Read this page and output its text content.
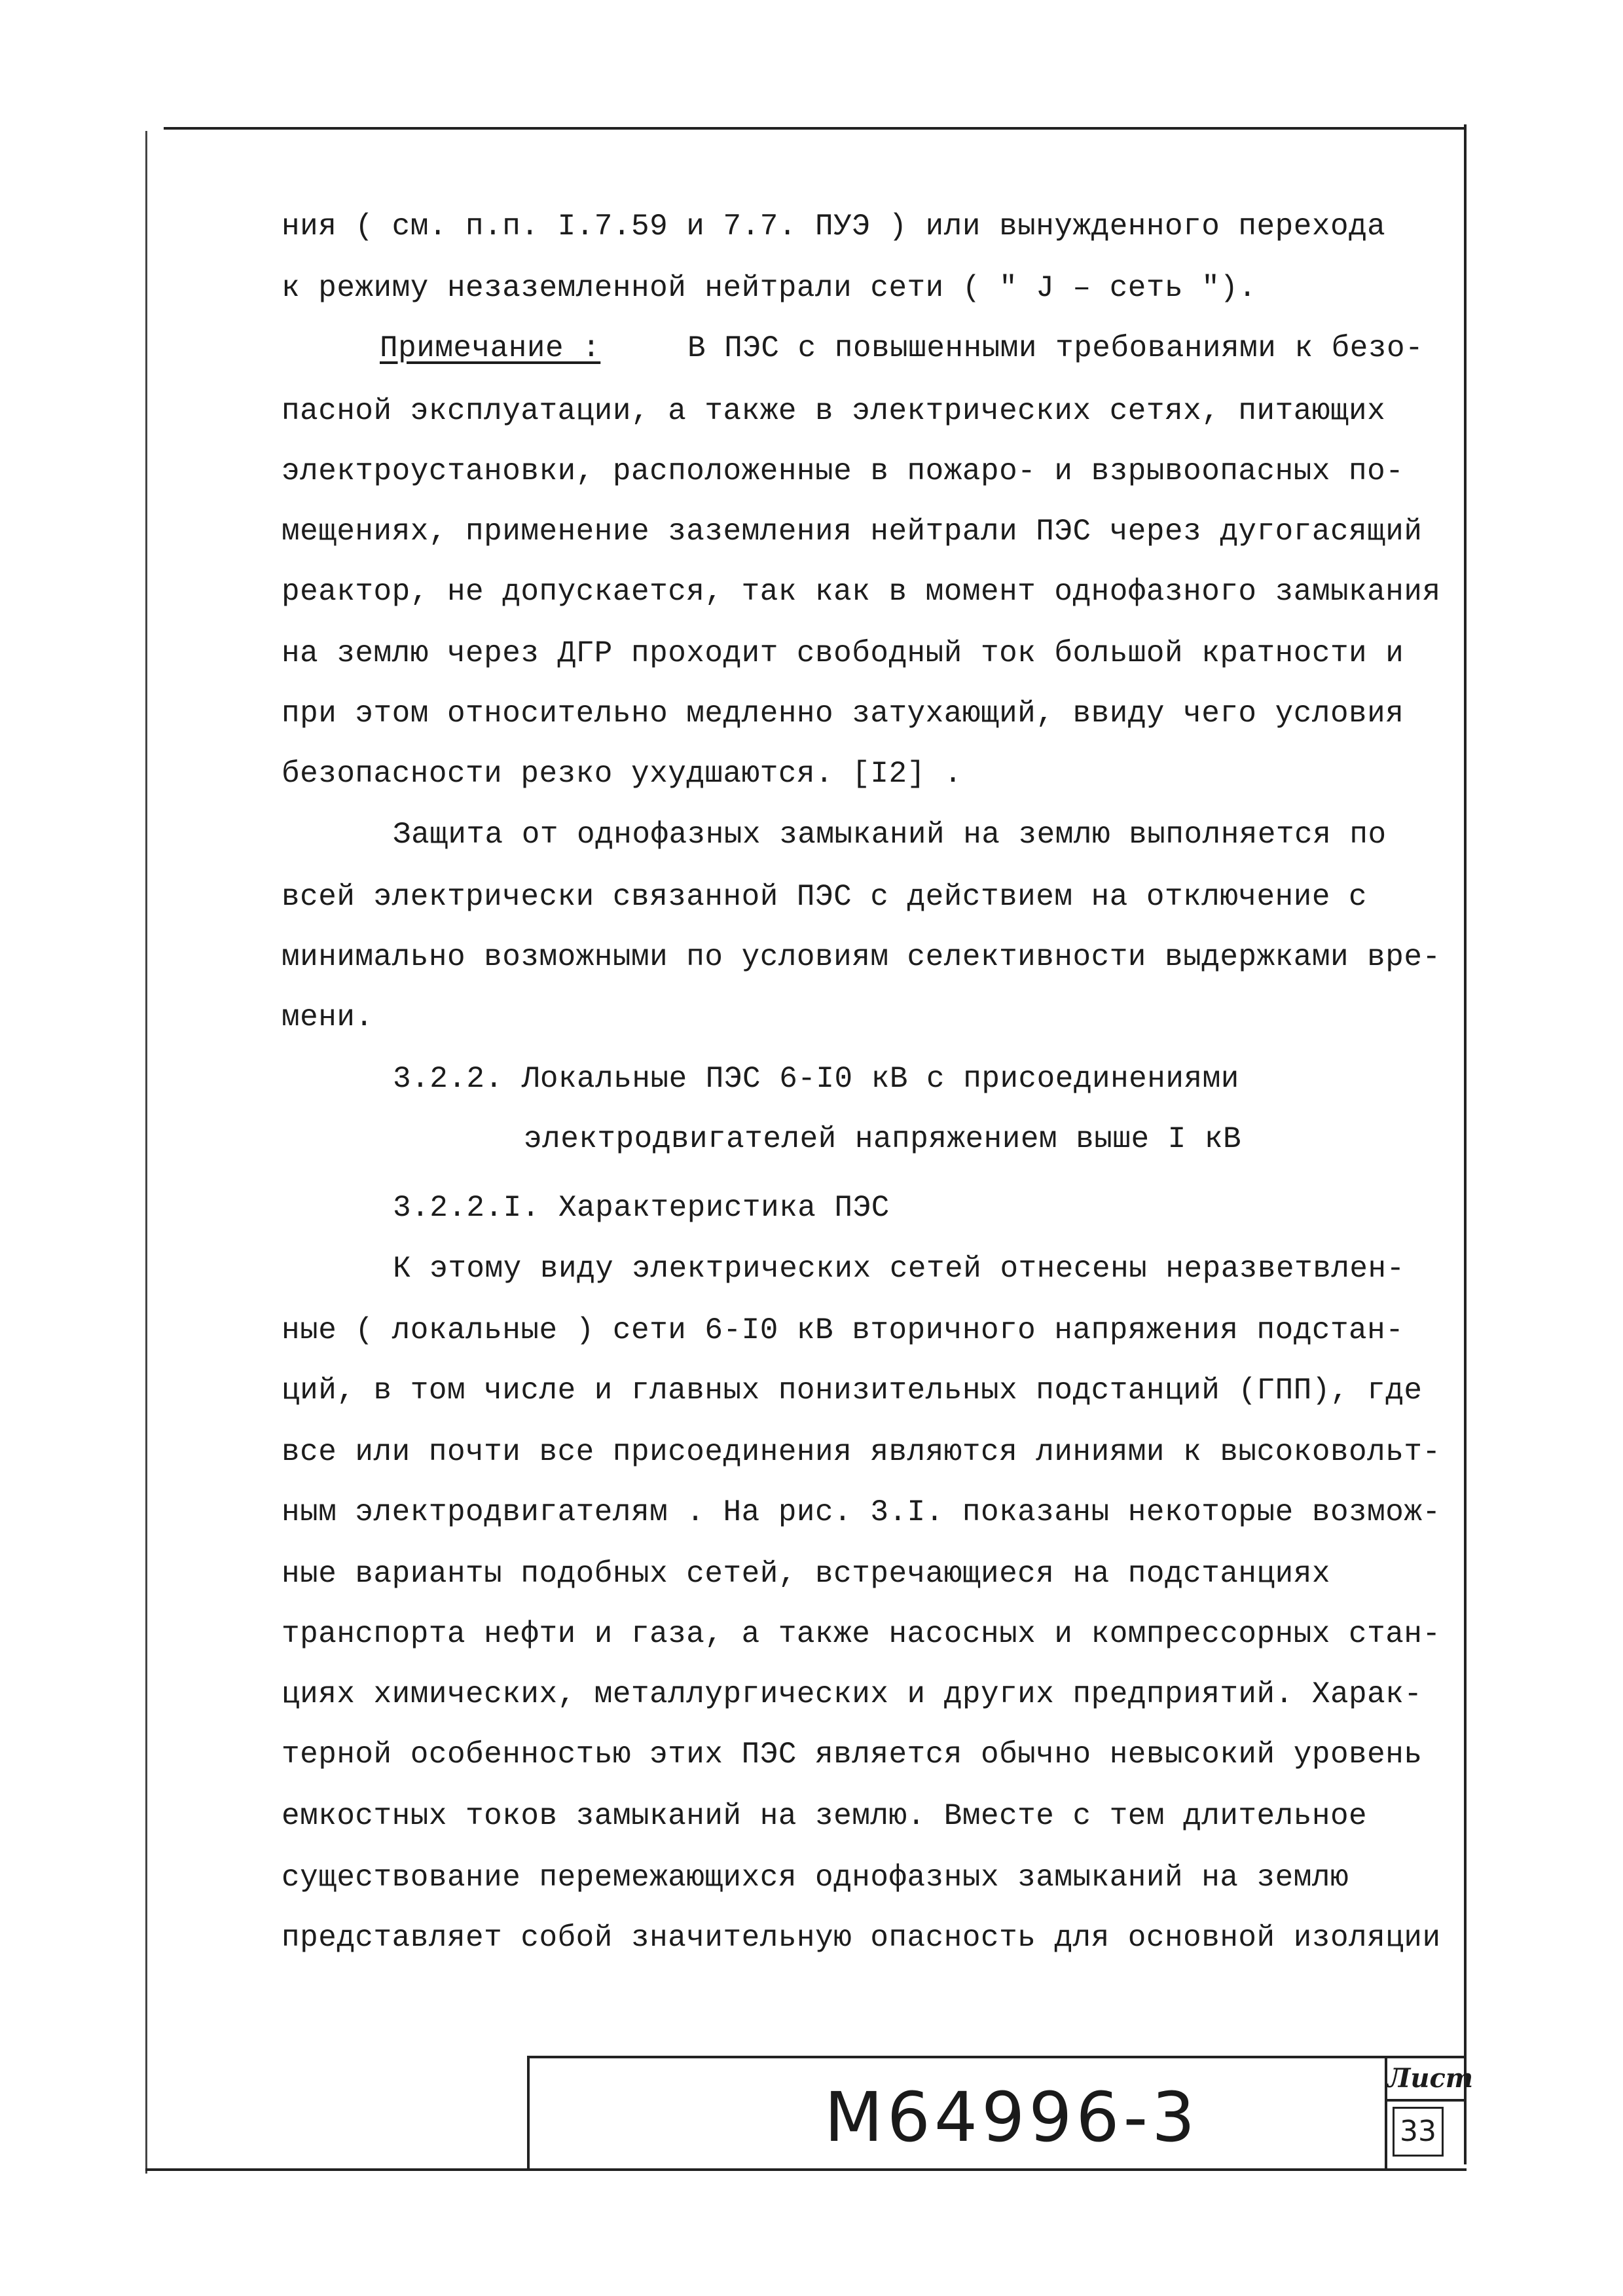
ния ( см. п.п. I.7.59 и 7.7. ПУЭ ) или вынужденного перехода
к режиму незаземленной нейтрали сети ( " J – сеть ").
Примечание :	В ПЭС с повышенными требованиями к безо-
пасной эксплуатации, а также в электрических сетях, питающих
электроустановки, расположенные в пожаро- и взрывоопасных по-
мещениях, применение заземления нейтрали ПЭС через дугогасящий
реактор, не допускается, так как в момент однофазного замыкания
на землю через ДГР проходит свободный ток большой кратности и
при этом относительно медленно затухающий, ввиду чего условия
безопасности резко ухудшаются. [I2] .
Защита от однофазных замыканий на землю выполняется по
всей электрически связанной ПЭС с действием на отключение с
минимально возможными по условиям селективности выдержками вре-
мени.
3.2.2. Локальные ПЭС 6-I0 кВ с присоединениями
электродвигателей напряжением выше I кВ
3.2.2.I. Характеристика ПЭС
К этому виду электрических сетей отнесены неразветвлен-
ные ( локальные ) сети 6-I0 кВ вторичного напряжения подстан-
ций, в том числе и главных понизительных подстанций (ГПП), где
все или почти все присоединения являются линиями к высоковольт-
ным электродвигателям . На рис. 3.I. показаны некоторые возмож-
ные варианты подобных сетей, встречающиеся на подстанциях
транспорта нефти и газа, а также насосных и компрессорных стан-
циях химических, металлургических и других предприятий. Харак-
терной особенностью этих ПЭС является обычно невысокий уровень
емкостных токов замыканий на землю. Вместе с тем длительное
существование перемежающихся однофазных замыканий на землю
представляет собой значительную опасность для основной изоляции
М64996-3	Лист
33
